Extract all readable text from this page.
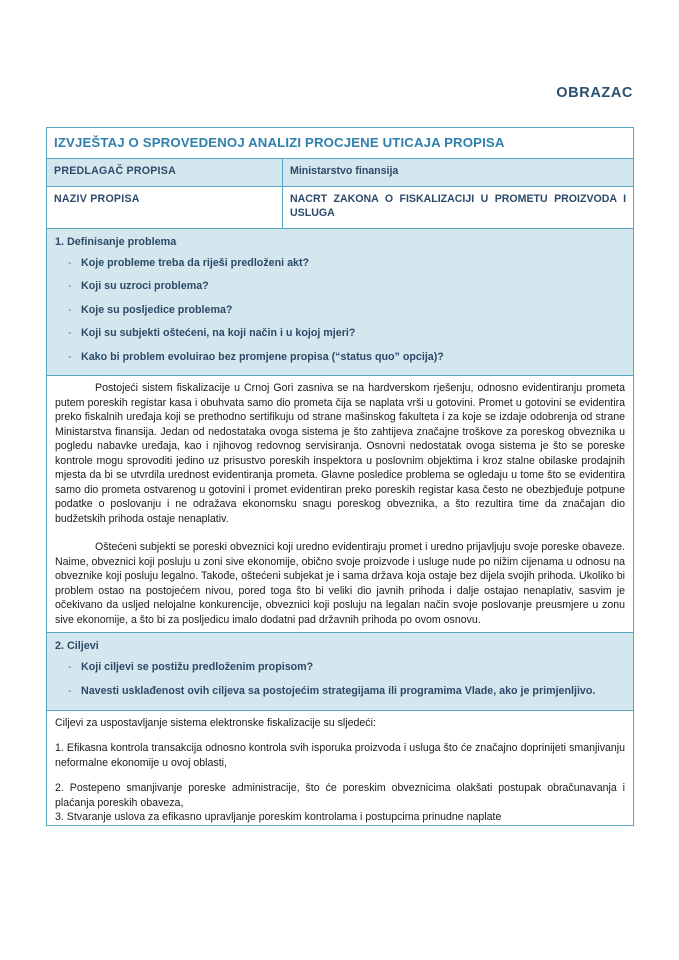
OBRAZAC
IZVJEŠTAJ O SPROVEDENOJ ANALIZI PROCJENE UTICAJA PROPISA	
PREDLAGAČ PROPISA	Ministarstvo finansija
NAZIV PROPISA	NACRT ZAKONA O FISKALIZACIJI U PROMETU PROIZVODA I USLUGA

1. Definisanje problema
- Koje probleme treba da riješi predloženi akt?
- Koji su uzroci problema?
- Koje su posljedice problema?
- Koji su subjekti oštećeni, na koji način i u kojoj mjeri?
- Kako bi problem evoluirao bez promjene propisa (“status quo” opcija)?

Postojeći sistem fiskalizacije u Crnoj Gori zasniva se na hardverskom rješenju, odnosno evidentiranju prometa putem poreskih registar kasa i obuhvata samo dio prometa čija se naplata vrši u gotovini. Promet u gotovini se evidentira preko fiskalnih uređaja koji se prethodno sertifikuju od strane mašinskog fakulteta i za koje se izdaje odobrenja od strane Ministarstva finansija. Jedan od nedostataka ovoga sistema je što zahtijeva značajne troškove za poreskog obveznika u pogledu nabavke uređaja, kao i njihovog redovnog servisiranja. Osnovni nedostatak ovoga sistema je što se poreske kontrole mogu sprovoditi jedino uz prisustvo poreskih inspektora u poslovnim objektima i kroz stalne obilaske prodajnih mjesta da bi se utvrdila urednost evidentiranja prometa. Glavne posledice problema se ogledaju u tome što se evidentira samo dio prometa ostvarenog u gotovini i promet evidentiran preko poreskih registar kasa često ne obezbjeđuje potpune podatke o poslovanju i ne odražava ekonomsku snagu poreskog obveznika, a što rezultira time da značajan dio budžetskih prihoda ostaje nenaplativ.

Oštećeni subjekti se poreski obveznici koji uredno evidentiraju promet i uredno prijavljuju svoje poreske obaveze. Naime, obveznici koji posluju u zoni sive ekonomije, obično svoje proizvode i usluge nude po nižim cijenama u odnosu na obveznike koji posluju legalno. Takođe, oštećeni subjekat je i sama država koja ostaje bez dijela svojih prihoda. Ukoliko bi problem ostao na postojećem nivou, pored toga što bi veliki dio javnih prihoda i dalje ostajao nenaplativ, sasvim je očekivano da usljed nelojalne konkurencije, obveznici koji posluju na legalan način svoje poslovanje preusmjere u zonu sive ekonomije, a što bi za posljedicu imalo dodatni pad državnih prihoda po ovom osnovu.	

2. Ciljevi
- Koji ciljevi se postižu predloženim propisom?
- Navesti usklađenost ovih ciljeva sa postojećim strategijama ili programima Vlade, ako je primjenljivo.	

Ciljevi za uspostavljanje sistema elektronske fiskalizacije su sljedeći:

1. Efikasna kontrola transakcija odnosno kontrola svih isporuka proizvoda i usluga što će značajno doprinijeti smanjivanju neformalne ekonomije u ovoj oblasti,

2. Postepeno smanjivanje poreske administracije, što će poreskim obveznicima olakšati postupak obračunavanja i plaćanja poreskih obaveza,

3. Stvaranje uslova za efikasno upravljanje poreskim kontrolama i postupcima prinudne naplate	
